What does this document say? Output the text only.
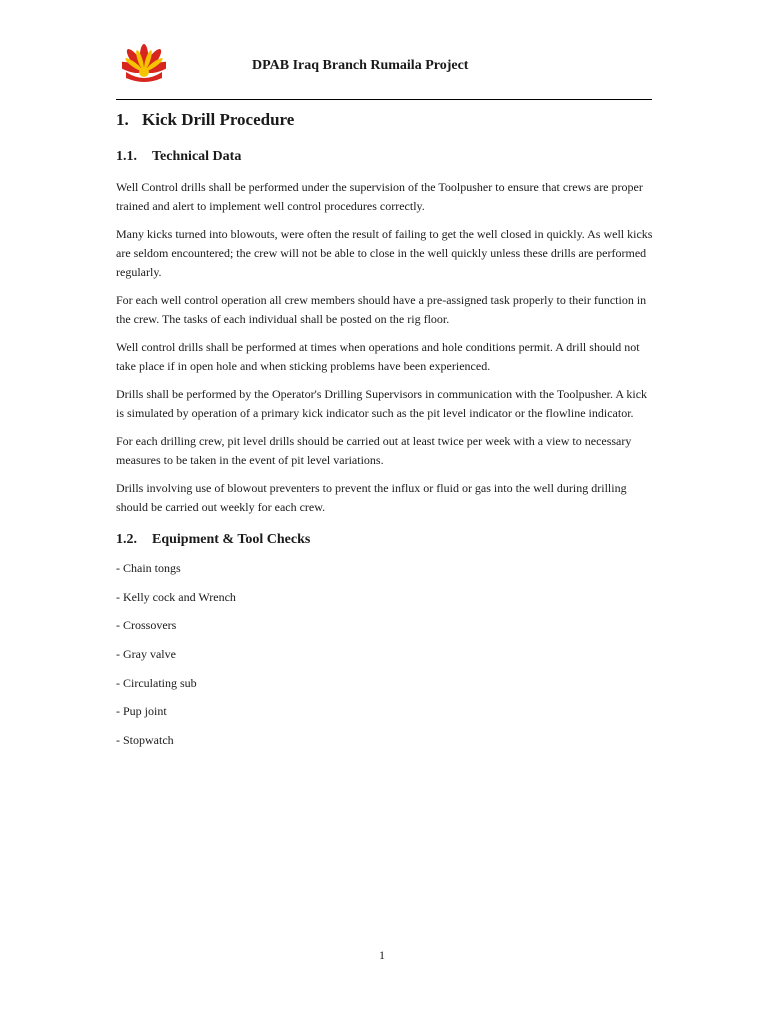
DPAB Iraq Branch Rumaila Project
1. Kick Drill Procedure
1.1. Technical Data

Well Control drills shall be performed under the supervision of the Toolpusher to ensure that crews are proper trained and alert to implement well control procedures correctly.

Many kicks turned into blowouts, were often the result of failing to get the well closed in quickly. As well kicks are seldom encountered; the crew will not be able to close in the well quickly unless these drills are performed regularly.

For each well control operation all crew members should have a pre-assigned task properly to their function in the crew. The tasks of each individual shall be posted on the rig floor.

Well control drills shall be performed at times when operations and hole conditions permit. A drill should not take place if in open hole and when sticking problems have been experienced.

Drills shall be performed by the Operator's Drilling Supervisors in communication with the Toolpusher. A kick is simulated by operation of a primary kick indicator such as the pit level indicator or the flowline indicator.

For each drilling crew, pit level drills should be carried out at least twice per week with a view to necessary measures to be taken in the event of pit level variations.

Drills involving use of blowout preventers to prevent the influx or fluid or gas into the well during drilling should be carried out weekly for each crew.

1.2. Equipment & Tool Checks
- Chain tongs
- Kelly cock and Wrench
- Crossovers
- Gray valve
- Circulating sub
- Pup joint
- Stopwatch
1
